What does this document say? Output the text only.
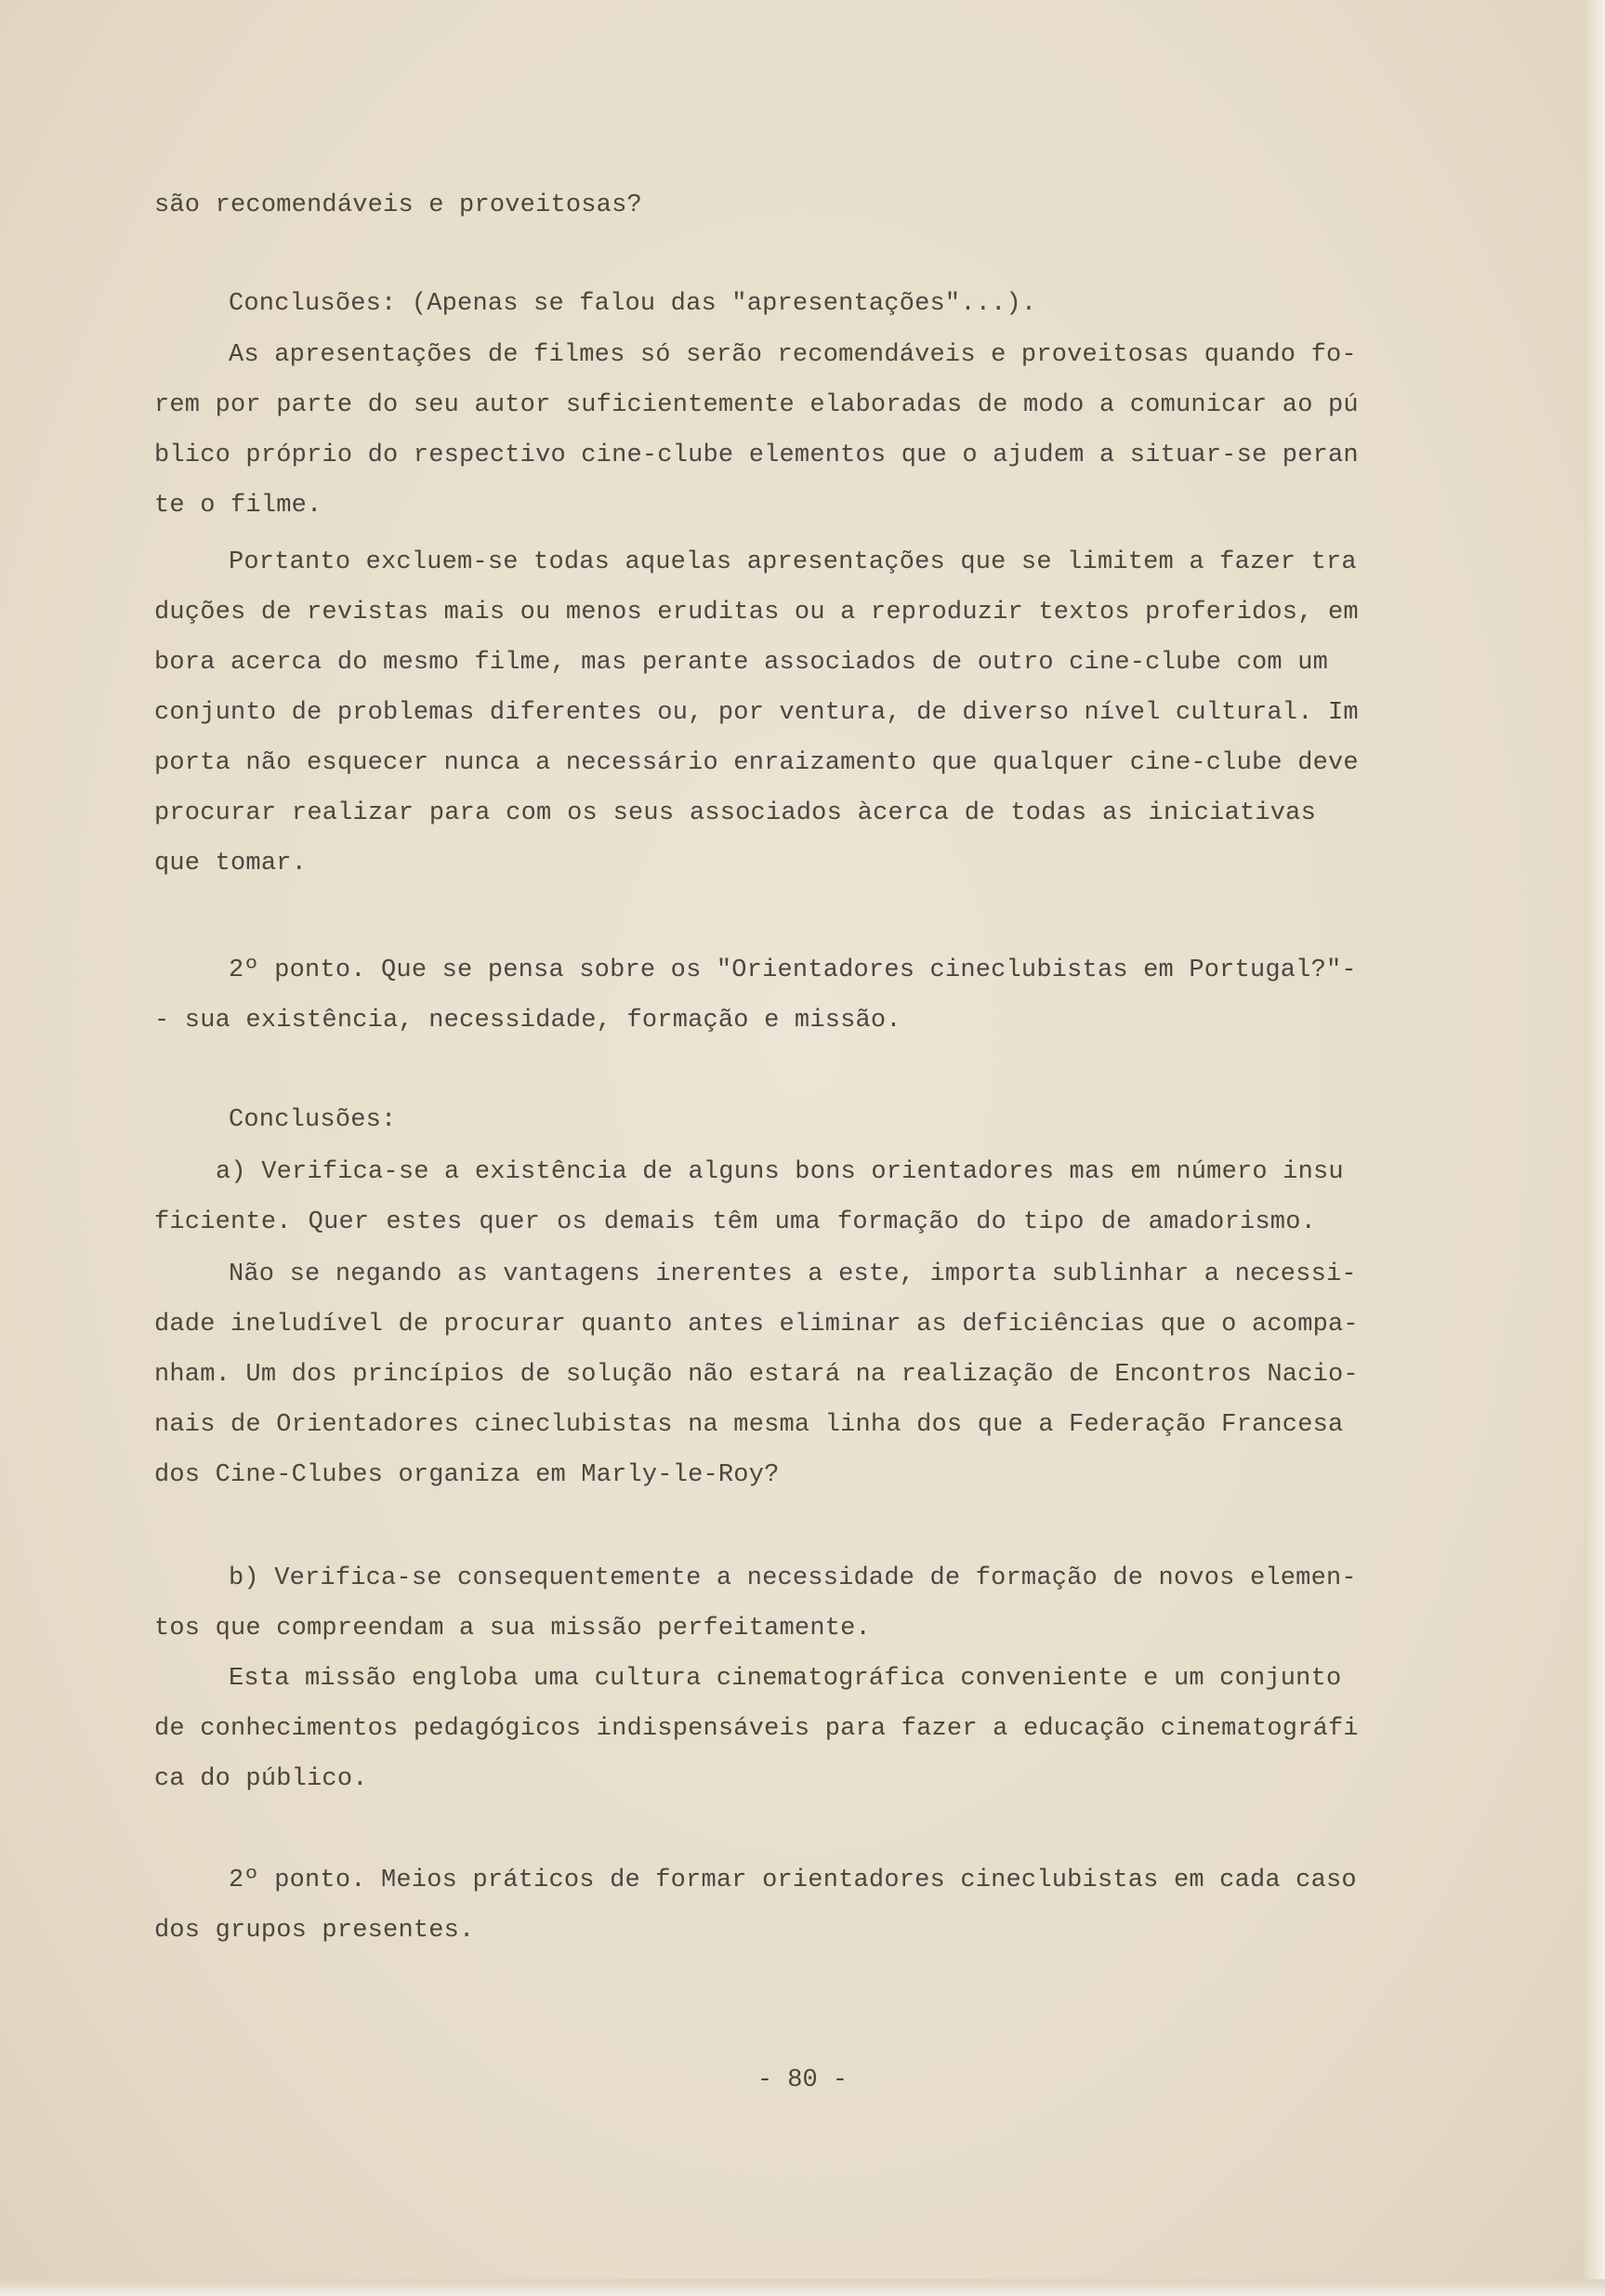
são recomendáveis e proveitosas?

Conclusões: (Apenas se falou das "apresentações"...).

As apresentações de filmes só serão recomendáveis e proveitosas quando fo-

rem por parte do seu autor suficientemente elaboradas de modo a comunicar ao pú

blico próprio do respectivo cine-clube elementos que o ajudem a situar-se peran

te o filme.

Portanto excluem-se todas aquelas apresentações que se limitem a fazer tra

duções de revistas mais ou menos eruditas ou a reproduzir textos proferidos, em

bora acerca do mesmo filme, mas perante associados de outro cine-clube com um

conjunto de problemas diferentes ou, por ventura, de diverso nível cultural. Im

porta não esquecer nunca a necessário enraizamento que qualquer cine-clube deve

procurar realizar para com os seus associados àcerca de todas as iniciativas

que tomar.

2º ponto. Que se pensa sobre os "Orientadores cineclubistas em Portugal?"-

- sua existência, necessidade, formação e missão.

Conclusões:

a) Verifica-se a existência de alguns bons orientadores mas em número insu

ficiente. Quer estes quer os demais têm uma formação do tipo de amadorismo.

Não se negando as vantagens inerentes a este, importa sublinhar a necessi-

dade ineludível de procurar quanto antes eliminar as deficiências que o acompa-

nham. Um dos princípios de solução não estará na realização de Encontros Nacio-

nais de Orientadores cineclubistas na mesma linha dos que a Federação Francesa

dos Cine-Clubes organiza em Marly-le-Roy?

b) Verifica-se consequentemente a necessidade de formação de novos elemen-

tos que compreendam a sua missão perfeitamente.

Esta missão engloba uma cultura cinematográfica conveniente e um conjunto

de conhecimentos pedagógicos indispensáveis para fazer a educação cinematográfi

ca do público.

2º ponto. Meios práticos de formar orientadores cineclubistas em cada caso

dos grupos presentes.

- 80 -
